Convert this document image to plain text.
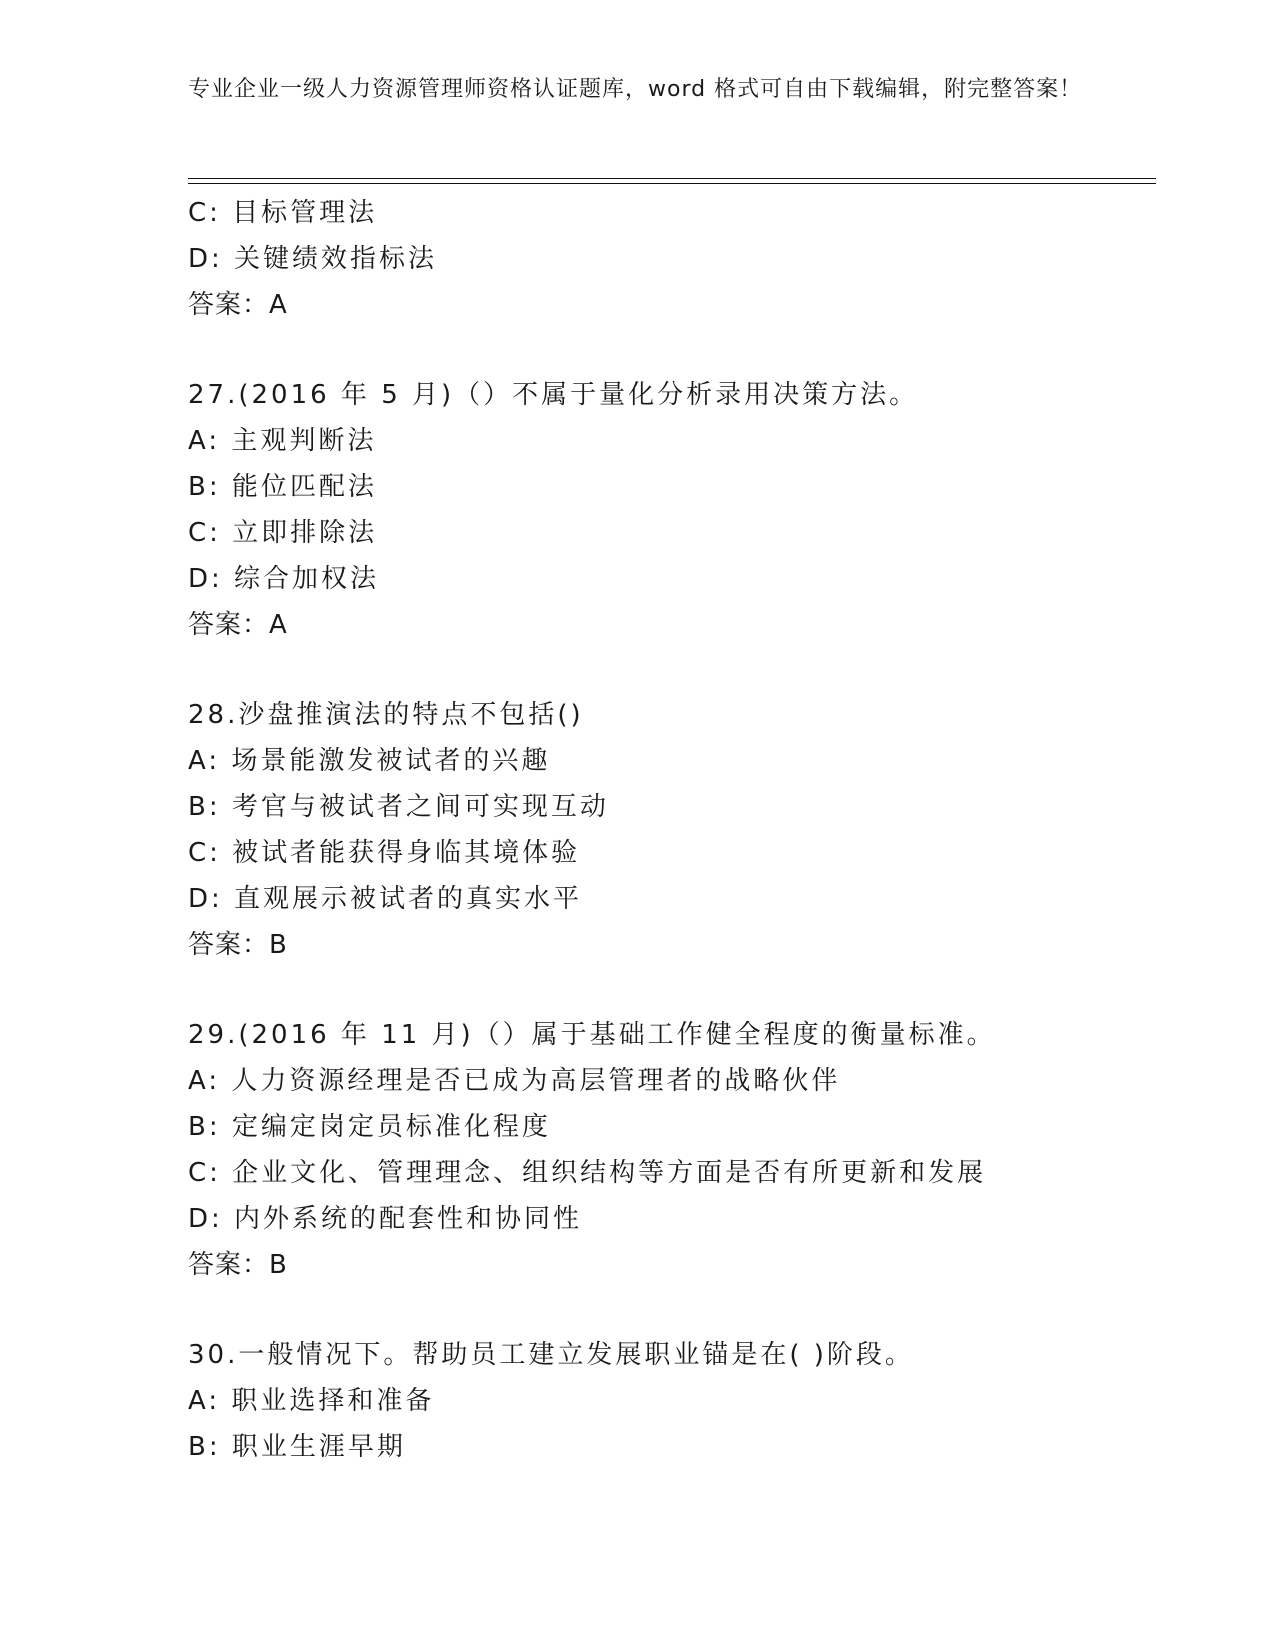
专业企业一级人力资源管理师资格认证题库，word 格式可自由下载编辑，附完整答案！
C: 目标管理法
D: 关键绩效指标法
答案：A
27.(2016 年 5 月)（）不属于量化分析录用决策方法。
A: 主观判断法
B: 能位匹配法
C: 立即排除法
D: 综合加权法
答案：A
28.沙盘推演法的特点不包括()
A: 场景能激发被试者的兴趣
B: 考官与被试者之间可实现互动
C: 被试者能获得身临其境体验
D: 直观展示被试者的真实水平
答案：B
29.(2016 年 11 月)（）属于基础工作健全程度的衡量标准。
A: 人力资源经理是否已成为高层管理者的战略伙伴
B: 定编定岗定员标准化程度
C: 企业文化、管理理念、组织结构等方面是否有所更新和发展
D: 内外系统的配套性和协同性
答案：B
30.一般情况下。帮助员工建立发展职业锚是在( )阶段。
A: 职业选择和准备
B: 职业生涯早期
